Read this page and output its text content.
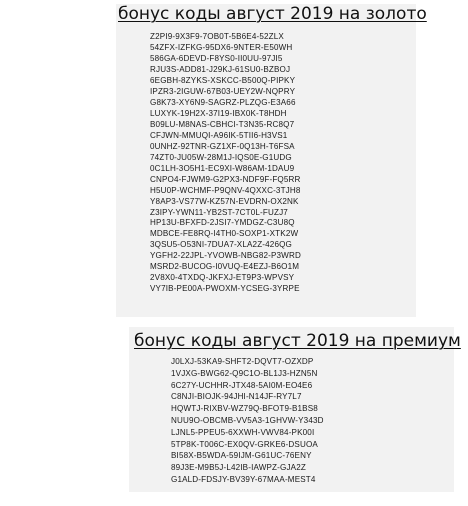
бонус коды август 2019 на золото
Z2PI9-9X3F9-7OB0T-5B6E4-52ZLX
54ZFX-IZFKG-95DX6-9NTER-E50WH
586GA-6DEVD-F8YS0-II0UU-97JI5
RJU3S-ADD81-J29KJ-61SU0-BZBOJ
6EGBH-8ZYKS-XSKCC-B500Q-PIPKY
IPZR3-2IGUW-67B03-UEY2W-NQPRY
G8K73-XY6N9-SAGRZ-PLZQG-E3A66
LUXYK-19H2X-37I19-IBX0K-T8HDH
B09LU-M8NAS-CBHCI-T3N35-RC8Q7
CFJWN-MMUQI-A96IK-5TII6-H3VS1
0UNHZ-92TNR-GZ1XF-0Q13H-T6FSA
74ZT0-JU05W-28M1J-IQS0E-G1UDG
0C1LH-3O5H1-EC9XI-W86AM-1DAU9
CNPO4-FJWM9-G2PX3-NDF9F-FQ5RR
H5U0P-WCHMF-P9QNV-4QXXC-3TJH8
Y8AP3-VS77W-KZ57N-EVDRN-OX2NK
Z3IPY-YWN11-YB2ST-7CT0L-FUZJ7
HP13U-BFXFD-2JSI7-YMDGZ-C3U8Q
MDBCE-FE8RQ-I4TH0-SOXP1-XTK2W
3QSU5-O53NI-7DUA7-XLA2Z-426QG
YGFH2-22JPL-YVOWB-NBG82-P3WRD
MSRD2-BUCOG-I0VUQ-E4EZJ-B6O1M
2V8X0-4TXDQ-JKFXJ-ET9P3-WPVSY
VY7IB-PE00A-PWOXM-YCSEG-3YRPE
бонус коды август 2019 на премиум
J0LXJ-53KA9-SHFT2-DQVT7-OZXDP
1VJXG-BWG62-Q9C1O-BL1J3-HZN5N
6C27Y-UCHHR-JTX48-5AI0M-EO4E6
C8NJI-BIOJK-94JHI-N14JF-RY7L7
HQWTJ-RIXBV-WZ79Q-BFOT9-B1BS8
NUU9O-OBCMB-VV5A3-1GHVW-Y343D
LJNL5-PPEU5-6XXWH-VWV84-PK00I
5TP8K-T006C-EX0QV-GRKE6-DSUOA
BI58X-B5WDA-59IJM-G61UC-76ENY
89J3E-M9B5J-L42IB-IAWPZ-GJA2Z
G1ALD-FDSJY-BV39Y-67MAA-MEST4
